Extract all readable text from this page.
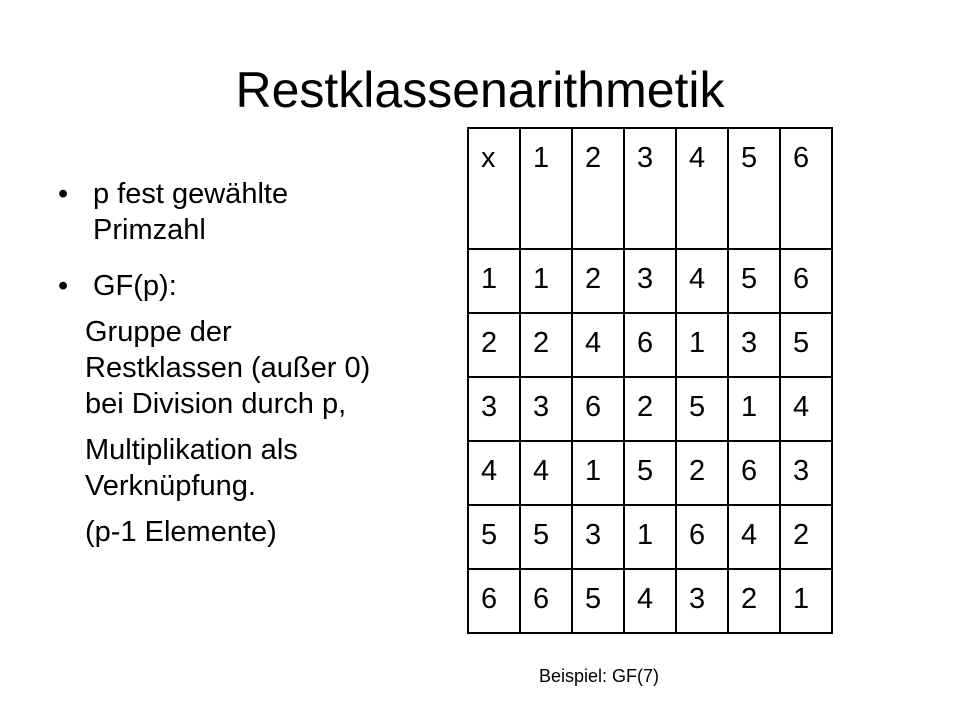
Restklassenarithmetik
• p fest gewählte
Primzahl
• GF(p):
Gruppe der
Restklassen (außer 0)
bei Division durch p,
Multiplikation als
Verknüpfung.
(p-1 Elemente)
x	1	2	3	4	5	6
1	1	2	3	4	5	6
2	2	4	6	1	3	5
3	3	6	2	5	1	4
4	4	1	5	2	6	3
5	5	3	1	6	4	2
6	6	5	4	3	2	1
Beispiel: GF(7)
